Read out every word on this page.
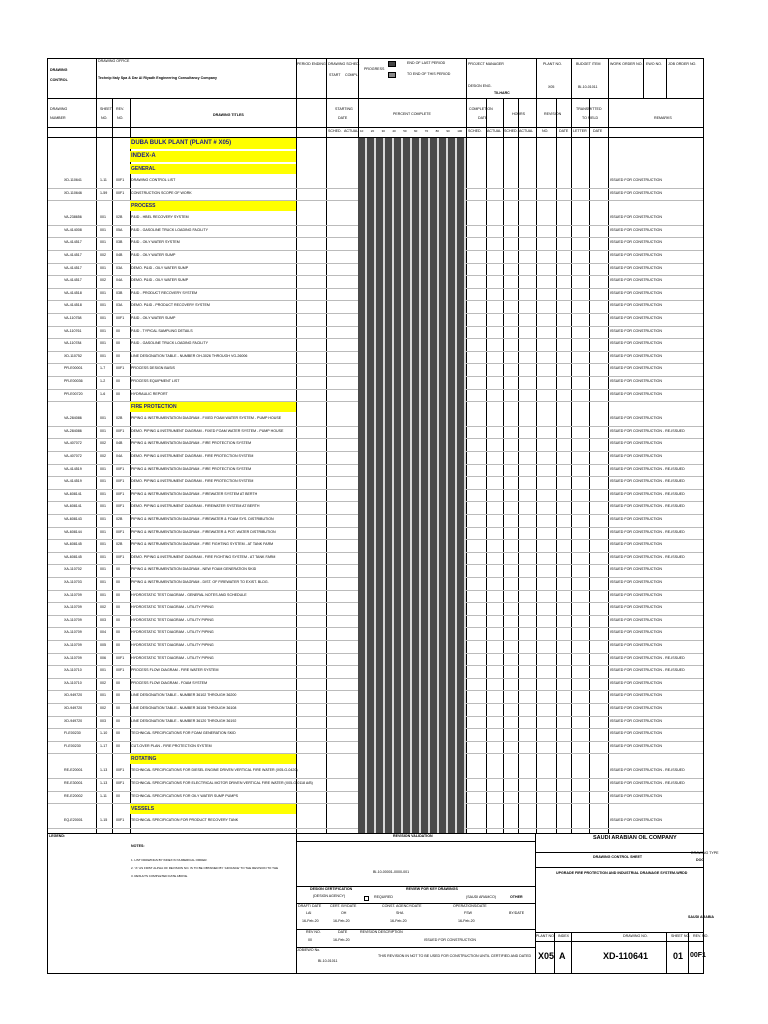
DRAWING OFFICE
DRAWING
CONTROL	Technip Italy Spa & Dar Al Riyadh Engineering Consultancy Company
PERIOD ENDING DRAWING SCHED.
START COMPL.
PROGRESS
END OF LAST PERIOD
TO END OF THIS PERIOD
PROJECT MANAGER
DESIGN ENG.
TILHARC
PLANT NO.
X05
BUDGET ITEM
BI-10-01011
WORK ORDER NO. EWO NO. JOB ORDER NO.
DRAWING
NUMBER
SHEET
NO.
REV.
NO.
DRAWING TITLES
STARTING
DATE
PERCENT COMPLETE
COMPLETION
DATE
HOURS	REVISION
TRANSMITTED
TO FIELD	REMARKS
SCHED. ACTUAL 10 20 30 40 50 60 70 80 90 100 SCHED. ACTUAL SCHED. ACTUAL NO.	DATE LETTER DATE
DUBA BULK PLANT (PLANT # X05)
INDEX-A
GENERAL
XD-110641	1-11	00F1 DRAWING CONTROL LIST	ISSUED FOR CONSTRUCTION
XD-110646	1-59 00F1 CONSTRUCTION SCOPE OF WORK	ISSUED FOR CONSTRUCTION
PROCESS
VA-238656	001	02B P&ID - HBEL RECOVERY SYSTEM	ISSUED FOR CONSTRUCTION
VA-414008	001	05A P&ID - GASOLINE TRUCK LOADING FACILITY	ISSUED FOR CONSTRUCTION
VA-414517	001	03B P&ID - OILY WATER SYSTEM	ISSUED FOR CONSTRUCTION
VA-414517	002	04B P&ID - OILY WATER SUMP	ISSUED FOR CONSTRUCTION
VA-414517	001	03A DEMO. P&ID - OILY WATER SUMP	ISSUED FOR CONSTRUCTION
VA-414517	002	04A DEMO. P&ID - OILY WATER SUMP	ISSUED FOR CONSTRUCTION
VA-414518	001	03B P&ID - PRODUCT RECOVERY SYSTEM	ISSUED FOR CONSTRUCTION
VA-414518	001	03A DEMO. P&ID - PRODUCT RECOVERY SYSTEM	ISSUED FOR CONSTRUCTION
VA-110758	001	00F1 P&ID - OILY WATER SUMP	ISSUED FOR CONSTRUCTION
VA-110761	001	00	P&ID - TYPICAL SAMPLING DETAILS	ISSUED FOR CONSTRUCTION
VA-110784	001	00	P&ID - GASOLINE TRUCK LOADING FACILITY	ISSUED FOR CONSTRUCTION
XD-110752	001	00	LINE DESIGNATION TABLE - NUMBER OH-3026 THROUGH VG-26006	ISSUED FOR CONSTRUCTION
PR-E00001	1-7	00F1 PROCESS DESIGN BASIS	ISSUED FOR CONSTRUCTION
PR-E00036	1-2	00	PROCESS EQUIPMENT LIST	ISSUED FOR CONSTRUCTION
PR-E00720	1-6	00	HYDRAULIC REPORT	ISSUED FOR CONSTRUCTION
FIRE PROTECTION
VA-284086	001	02B PIPING & INSTRUMENTATION DIAGRAM - FIXED FOAM WATER SYSTEM - PUMP HOUSE	ISSUED FOR CONSTRUCTION
VA-284086	001	00F1 DEMO. PIPING & INSTRUMENT DIAGRAM - FIXED FOAM WATER SYSTEM - PUMP HOUSE	ISSUED FOR CONSTRUCTION - RE-ISSUED
VA-407072	002	04B PIPING & INSTRUMENTATION DIAGRAM - FIRE PROTECTION SYSTEM	ISSUED FOR CONSTRUCTION
VA-407072	002	04A DEMO. PIPING & INSTRUMENT DIAGRAM - FIRE PROTECTION SYSTEM	ISSUED FOR CONSTRUCTION
VA-414519	001	00F1 PIPING & INSTRUMENTATION DIAGRAM - FIRE PROTECTION SYSTEM	ISSUED FOR CONSTRUCTION - RE-ISSUED
VA-414519	001	00F1 DEMO. PIPING & INSTRUMENT DIAGRAM - FIRE PROTECTION SYSTEM	ISSUED FOR CONSTRUCTION - RE-ISSUED
VA-608141	001	00F1 PIPING & INSTRUMENTATION DIAGRAM - FIREWATER SYSTEM AT BERTH	ISSUED FOR CONSTRUCTION - RE-ISSUED
VA-608141	001	00F1 DEMO. PIPING & INSTRUMENT DIAGRAM - FIREWATER SYSTEM AT BERTH	ISSUED FOR CONSTRUCTION - RE-ISSUED
VA-608143	001	02B PIPING & INSTRUMENTATION DIAGRAM - FIREWATER & FOAM SYS. DISTRIBUTION	ISSUED FOR CONSTRUCTION
VA-608144	001	00F1 PIPING & INSTRUMENTATION DIAGRAM - FIREWATER & POT. WATER DISTRIBUTION	ISSUED FOR CONSTRUCTION - RE-ISSUED
VA-608145	001	02B PIPING & INSTRUMENTATION DIAGRAM - FIRE FIGHTING SYSTEM - AT TANK FARM	ISSUED FOR CONSTRUCTION
VA-608145	001	00F1 DEMO. PIPING & INSTRUMENT DIAGRAM - FIRE FIGHTING SYSTEM - AT TANK FARM	ISSUED FOR CONSTRUCTION - RE-ISSUED
XA-110702	001	00	PIPING & INSTRUMENTATION DIAGRAM - NEW FOAM GENERATION SKID	ISSUED FOR CONSTRUCTION
XA-110703	001	00	PIPING & INSTRUMENTATION DIAGRAM - DIST. OF FIREWATER TO EXIST. BLDG.	ISSUED FOR CONSTRUCTION
XA-110709	001	00	HYDROSTATIC TEST DIAGRAM - GENERAL NOTES AND SCHEDULE	ISSUED FOR CONSTRUCTION
XA-110709	002	00	HYDROSTATIC TEST DIAGRAM - UTILITY PIPING	ISSUED FOR CONSTRUCTION
XA-110709	003	00	HYDROSTATIC TEST DIAGRAM - UTILITY PIPING	ISSUED FOR CONSTRUCTION
XA-110709	004	00	HYDROSTATIC TEST DIAGRAM - UTILITY PIPING	ISSUED FOR CONSTRUCTION
XA-110709	005	00	HYDROSTATIC TEST DIAGRAM - UTILITY PIPING	ISSUED FOR CONSTRUCTION
XA-110709	006	00F1 HYDROSTATIC TEST DIAGRAM - UTILITY PIPING	ISSUED FOR CONSTRUCTION - RE-ISSUED
XA-110710	001	00F1 PROCESS FLOW DIAGRAM - FIRE WATER SYSTEM	ISSUED FOR CONSTRUCTION - RE-ISSUED
XA-110710	002	00	PROCESS FLOW DIAGRAM - FOAM SYSTEM	ISSUED FOR CONSTRUCTION
XD-949720	001	00	LINE DESIGNATION TABLE - NUMBER 36102 THROUGH 36200	ISSUED FOR CONSTRUCTION
XD-949720	002	00	LINE DESIGNATION TABLE - NUMBER 36108 THROUGH 36108	ISSUED FOR CONSTRUCTION
XD-949720	003	00	LINE DESIGNATION TABLE - NUMBER 36120 THROUGH 36192	ISSUED FOR CONSTRUCTION
FI-E00230	1-10 00	TECHNICAL SPECIFICATIONS FOR FOAM GENERATION SKID	ISSUED FOR CONSTRUCTION
FI-E00230	1-17 00	CUT-OVER PLAN - FIRE PROTECTION SYSTEM	ISSUED FOR CONSTRUCTION
ROTATING
RE-E20001	1-13 00F1 TECHNICAL SPECIFICATIONS FOR DIESEL ENGINE DRIVEN VERTICAL FIRE WATER (X05-G-0420)	ISSUED FOR CONSTRUCTION - RE-ISSUED
RE-E30001	1-13 00F1 TECHNICAL SPECIFICATIONS FOR ELECTRICAL MOTOR DRIVEN VERTICAL FIRE WATER (X05-G-0118 A/B)	ISSUED FOR CONSTRUCTION - RE-ISSUED
RE-E20002	1-11	00	TECHNICAL SPECIFICATIONS FOR OILY WATER SUMP PUMPS	ISSUED FOR CONSTRUCTION
VESSELS
EQ-E20001	1-15 00F1 TECHNICAL SPECIFICATION FOR PRODUCT RECOVERY TANK	ISSUED FOR CONSTRUCTION
LEGEND:
NOTES:
1. LIST DRAWINGS BY INDEX IN NUMERICAL ORDER.
2. "A" AS FIRST ALPHA OF REVISION NO. IS TO BE OBTAINED BY 'ADVANCE' TO THE REVISION TO THE
3. RESULTS COMPLETED DATE ABOVE.
REVISION VALIDATION
BI-10-00001-0000-001
DESIGN CERTIFICATION
(DESIGN AGENCY)
REVIEW FOR KEY DRAWINGS
REQUIRED	(SAUDI ARAMCO)	OTHER
DRAFT/ DATE CERT. BY/DATE	CONST. AGENCY/DATE	OPERATIONS/DATE
BY/DATE
LAI
16-Feb-20
OH
16-Feb-20
SHA
16-Feb-20
FSW
16-Feb-20
REV NO.	DATE	REVISION DESCRIPTION
00	16-Feb-20	ISSUED FOR CONSTRUCTION
JOB/EWO No.
BI-10-01011
THIS REVISION IN NOT TO BE USED FOR CONSTRUCTION UNTIL CERTIFIED AND DATED
SAUDI ARABIAN OIL COMPANY
DRAWING CONTROL SHEET
DRAWING TYPE
DOC
UPGRADE FIRE PROTECTION AND INDUSTRIAL DRAINAGE SYSTEM-WRDD
SAUDI ARABIA
PLANT NO. INDEX	DRAWING NO.	SHEET NO. REV. NO.
X05 A	XD-110641	01 00F1
